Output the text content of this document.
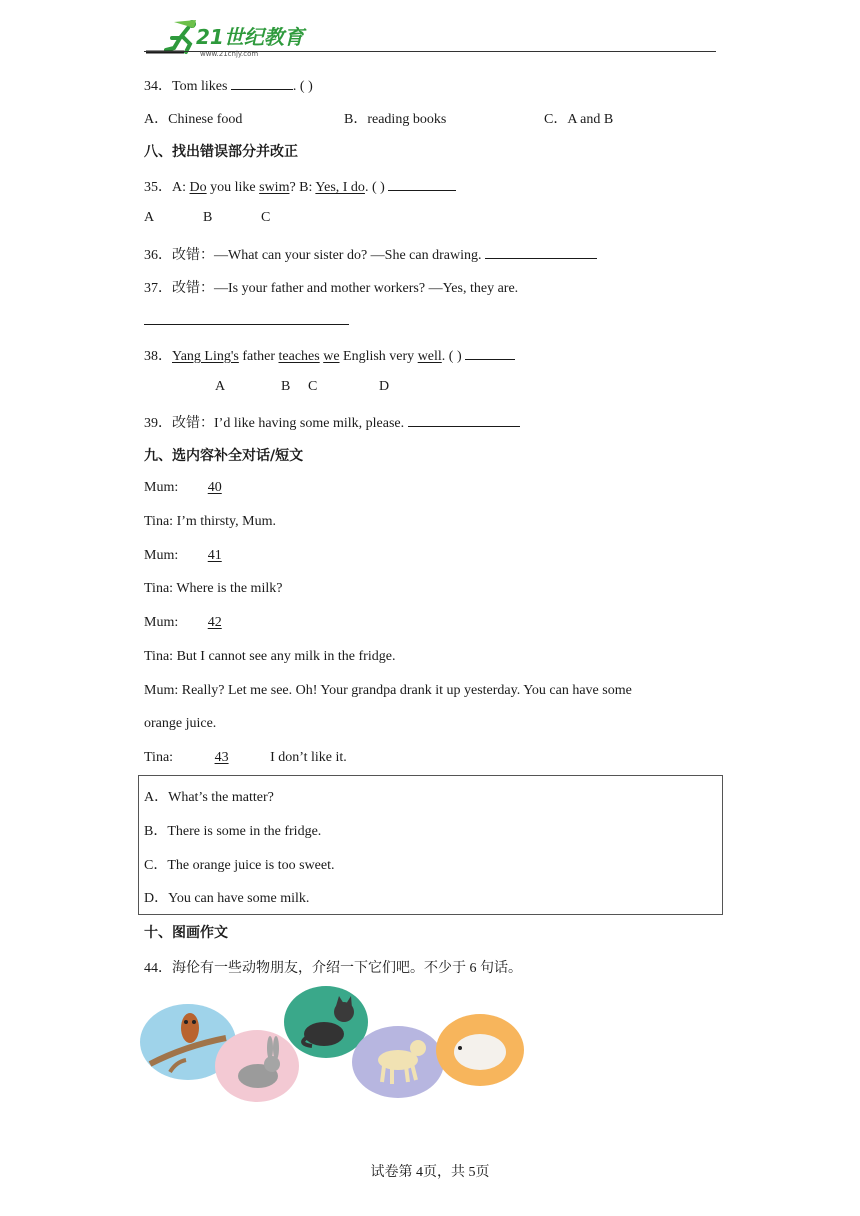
21世纪教育
www.21cnjy.com
34．Tom likes	. ( )
A．Chinese food	B．reading books	C．A and B
八、找出错误部分并改正
35．A: Do you like swim? B: Yes, I do. ( )
A	B	C
36．改错：—What can your sister do? —She can drawing.
37．改错：—Is your father and mother workers? —Yes, they are.
38．Yang Ling's father teaches we English very well. ( )
A	B C	D
39．改错：I’d like having some milk, please.
九、选内容补全对话/短文
Mum: 40
Tina: I’m thirsty, Mum.
Mum: 41
Tina: Where is the milk?
Mum: 42
Tina: But I cannot see any milk in the fridge.
Mum: Really? Let me see. Oh! Your grandpa drank it up yesterday. You can have some
orange juice.
Tina:	43	I don’t like it.
A．What’s the matter?
B．There is some in the fridge.
C．The orange juice is too sweet.
D．You can have some milk.
十、图画作文
44．海伦有一些动物朋友，介绍一下它们吧。不少于 6 句话。
试卷第 4页，共 5页
